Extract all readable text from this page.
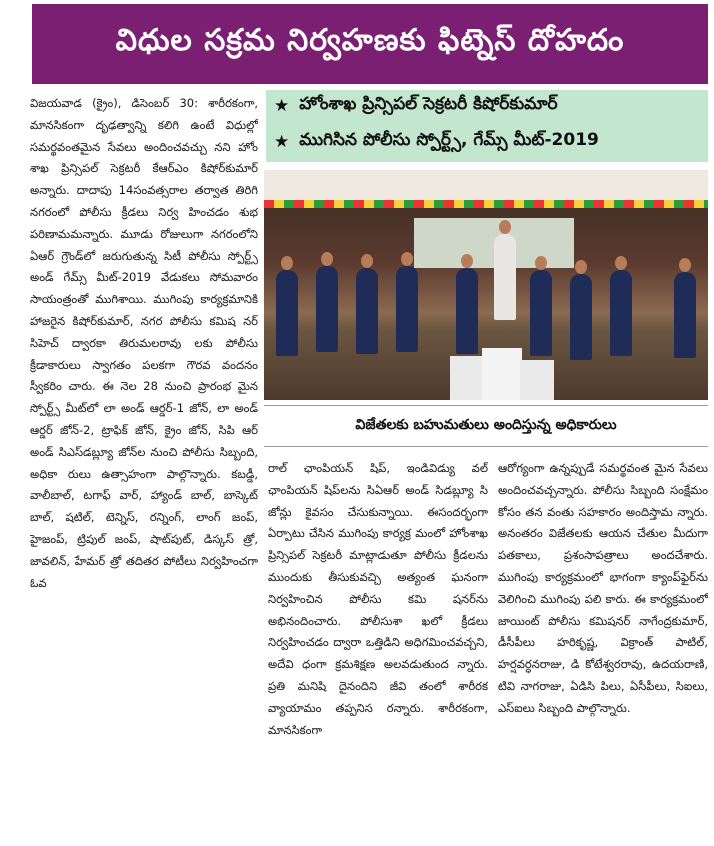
విధుల సక్రమ నిర్వహణకు ఫిట్నెస్ దోహదం

విజయవాడ (క్రైం), డిసెంబర్ 30: శారీరకంగా, మానసికంగా దృఢత్వాన్ని కలిగి ఉంటే విధుల్లో సమర్థవంతమైన సేవలు అందించవచ్చు నని హోం శాఖ ప్రిన్సిపల్ సెక్రటరీ కేఆర్ఎం కిషోర్‌కుమార్ అన్నారు. దాదాపు 14సంవత్సరాల తర్వాత తిరిగి నగరంలో పోలీసు క్రీడలు నిర్వ హించడం శుభ పరిణామమన్నారు. మూడు రోజులుగా నగరంలోని ఏఆర్ గ్రౌండ్‌లో జరుగుతున్న సిటీ పోలీసు స్పోర్ట్స్ అండ్ గేమ్స్ మీట్-2019 వేడుకలు సోమవారం సాయంత్రంతో ముగిశాయి. ముగింపు కార్యక్రమానికి హాజరైన కిషోర్‌కుమార్, నగర పోలీసు కమిష నర్ సిహెచ్ ద్వారకా తిరుమలరావు లకు పోలీసు క్రీడాకారులు స్వాగతం పలకగా గౌరవ వందనం స్వీకరిం చారు. ఈ నెల 28 నుంచి ప్రారంభ మైన స్పోర్ట్స్ మీట్‌లో లా అండ్ ఆర్డర్-1 జోన్, లా అండ్ ఆర్డర్ జోన్-2, ట్రాఫిక్ జోన్, క్రైం జోన్, సిపి ఆర్ అండ్ సిఎస్‌డబ్ల్యూ జోన్‌ల నుంచి పోలీసు సిబ్బంది, అధికా రులు ఉత్సాహంగా పాల్గొన్నారు. కబడ్డీ, వాలీబాల్, టగాఫ్ వార్, హ్యాండ్ బాల్, బాస్కెట్ బాల్, షటిల్, టెన్నిస్, రన్నింగ్, లాంగ్ జంప్, హైజంప్, ట్రిపుల్ జంప్, షాట్‌పుట్, డిస్కస్ త్రో, జావలిన్, హేమర్ త్రో తదితర పోటీలు నిర్వహించగా ఓవ

★ హోంశాఖ ప్రిన్సిపల్ సెక్రటరీ కిషోర్‌కుమార్
★ ముగిసిన పోలీసు స్పోర్ట్స్, గేమ్స్ మీట్-2019
విజేతలకు బహుమతులు అందిస్తున్న అధికారులు

రాల్ ఛాంపియన్ షిప్, ఇండివిడ్యు వల్ ఛాంపియన్ షిప్‌లను సిఏఆర్ అండ్ సిడబ్ల్యూ సి జోన్లు కైవసం చేసుకున్నాయి. ఈసందర్భంగా ఏర్పాటు చేసిన ముగింపు కార్యక్ర మంలో హోంశాఖ ప్రిన్సిపల్ సెక్రటరీ మాట్లాడుతూ పోలీసు క్రీడలను ముందుకు తీసుకువచ్చి అత్యంత ఘనంగా నిర్వహించిన పోలీసు కమి షనర్‌ను అభినందించారు. పోలీసుశా ఖలో క్రీడలు నిర్వహించడం ద్వారా ఒత్తిడిని అధిగమించవచ్చని, అదేవి ధంగా క్రమశిక్షణ అలవడుతుంద న్నారు. ప్రతి మనిషి దైనందిని జీవి తంలో శారీరక వ్యాయామం తప్పనిస రన్నారు. శారీరకంగా, మానసికంగా

ఆరోగ్యంగా ఉన్నప్పుడే సమర్థవంత మైన సేవలు అందించవచ్చన్నారు. పోలీసు సిబ్బంది సంక్షేమం కోసం తన వంతు సహకారం అందిస్తామ న్నారు. అనంతరం విజేతలకు ఆయన చేతుల మీదుగా పతకాలు, ప్రశంసాపత్రాలు అందచేశారు. ముగింపు కార్యక్రమంలో భాగంగా క్యాంప్‌ఫైర్‌ను వెలిగించి ముగింపు పలి కారు. ఈ కార్యక్రమంలో జాయింట్ పోలీసు కమిషనర్ నాగేంద్రకుమార్, డీసీపీలు హరికృష్ణ, విక్రాంత్ పాటిల్, హర్షవర్ధనరాజు, డి కోటేశ్వరరావు, ఉదయరాణి, టివి నాగరాజు, ఏడిసి పిలు, ఏసీపీలు, సిఐలు, ఎస్ఐలు సిబ్బంది పాల్గొన్నారు.
